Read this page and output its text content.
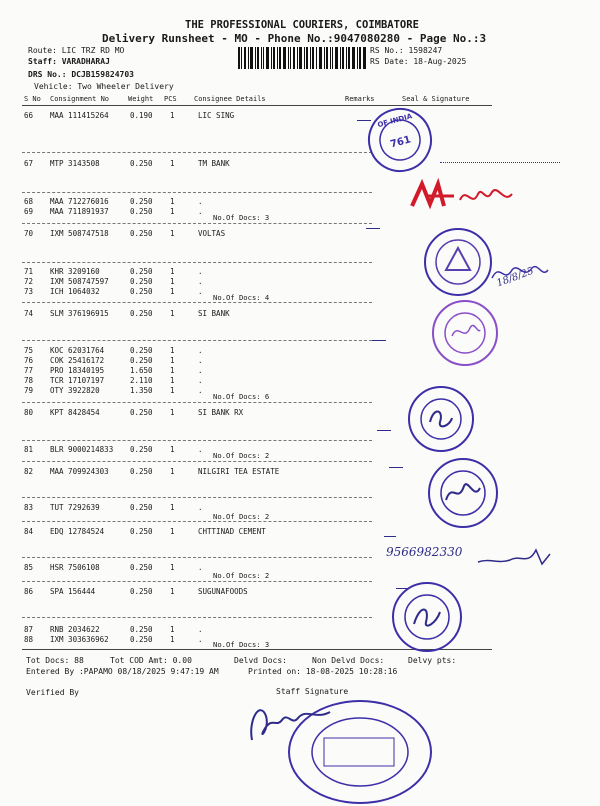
THE PROFESSIONAL COURIERS, COIMBATORE
Delivery Runsheet - MO - Phone No.:9047080280 - Page No.:3
Route: LIC TRZ RD MO
Staff: VARADHARAJ
DRS No.: DCJB159824703
Vehicle: Two Wheeler Delivery
RS No.: 1598247
RS Date: 18-Aug-2025
S No Consignment No	Weight PCS Consignee Details	Remarks	Seal & Signature
66 MAA 111415264	0.190 1	LIC SING
67 MTP 3143508	0.250 1	TM BANK
68 MAA 712276016	0.250 1	.
69 MAA 711891937	0.250 1	.
70 IXM 508747518	0.250 1	VOLTAS
71 KHR 3209160	0.250 1	.
72 IXM 508747597	0.250 1	.
73 ICH 1064032	0.250 1	.
74 SLM 376196915	0.250 1	SI BANK
75 KOC 62031764	0.250 1	.
76 COK 25416172	0.250 1	.
77 PRO 18340195	1.650 1	.
78 TCR 17107197	2.110 1	.
79 OTY 3922820	1.350 1	.
80 KPT 8428454	0.250 1	SI BANK RX
81 BLR 9000214833 0.250 1	.
82 MAA 709924303	0.250 1	NILGIRI TEA ESTATE
83 TUT 7292639	0.250 1	.
84 EDQ 12784524	0.250 1	CHTTINAD CEMENT
85 HSR 7506108	0.250 1	.
86 SPA 156444	0.250 1	SUGUNAFOODS
87 RNB 2034622	0.250 1	.
88 IXM 303636962	0.250 1	.
No.Of Docs: 3
No.Of Docs: 4
No.Of Docs: 6
No.Of Docs: 2
No.Of Docs: 2
No.Of Docs: 2
No.Of Docs: 3
OF INDIA
761
9566982330
18/8/25
Tot Docs: 88	Tot COD Amt: 0.00	Delvd Docs:	Non Delvd Docs:	Delvy pts:
Entered By :PAPAMO 08/18/2025 9:47:19 AM	Printed on: 18-08-2025 10:28:16
Verified By	Staff Signature
